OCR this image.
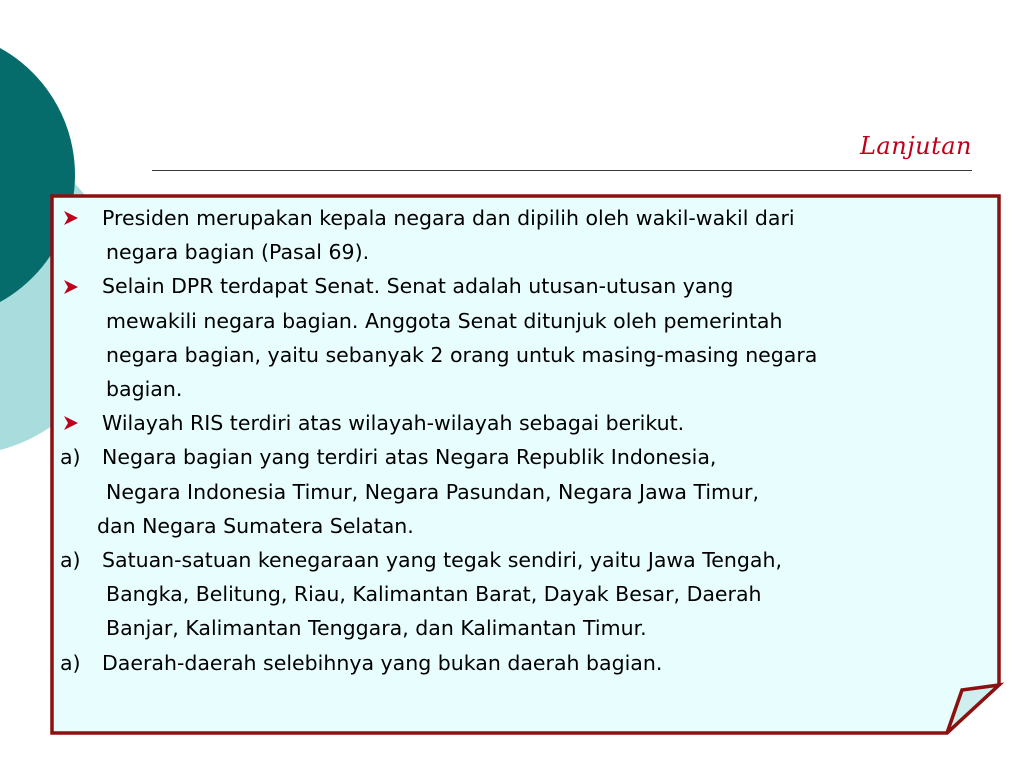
Lanjutan
Presiden merupakan kepala negara dan dipilih oleh wakil-wakil dari
negara bagian (Pasal 69).
Selain DPR terdapat Senat. Senat adalah utusan-utusan yang
mewakili negara bagian. Anggota Senat ditunjuk oleh pemerintah
negara bagian, yaitu sebanyak 2 orang untuk masing-masing negara
bagian.
Wilayah RIS terdiri atas wilayah-wilayah sebagai berikut.
a)	Negara bagian yang terdiri atas Negara Republik Indonesia,
Negara Indonesia Timur, Negara Pasundan, Negara Jawa Timur,
dan Negara Sumatera Selatan.
a)	Satuan-satuan kenegaraan yang tegak sendiri, yaitu Jawa Tengah,
Bangka, Belitung, Riau, Kalimantan Barat, Dayak Besar, Daerah
Banjar, Kalimantan Tenggara, dan Kalimantan Timur.
a)	Daerah-daerah selebihnya yang bukan daerah bagian.
